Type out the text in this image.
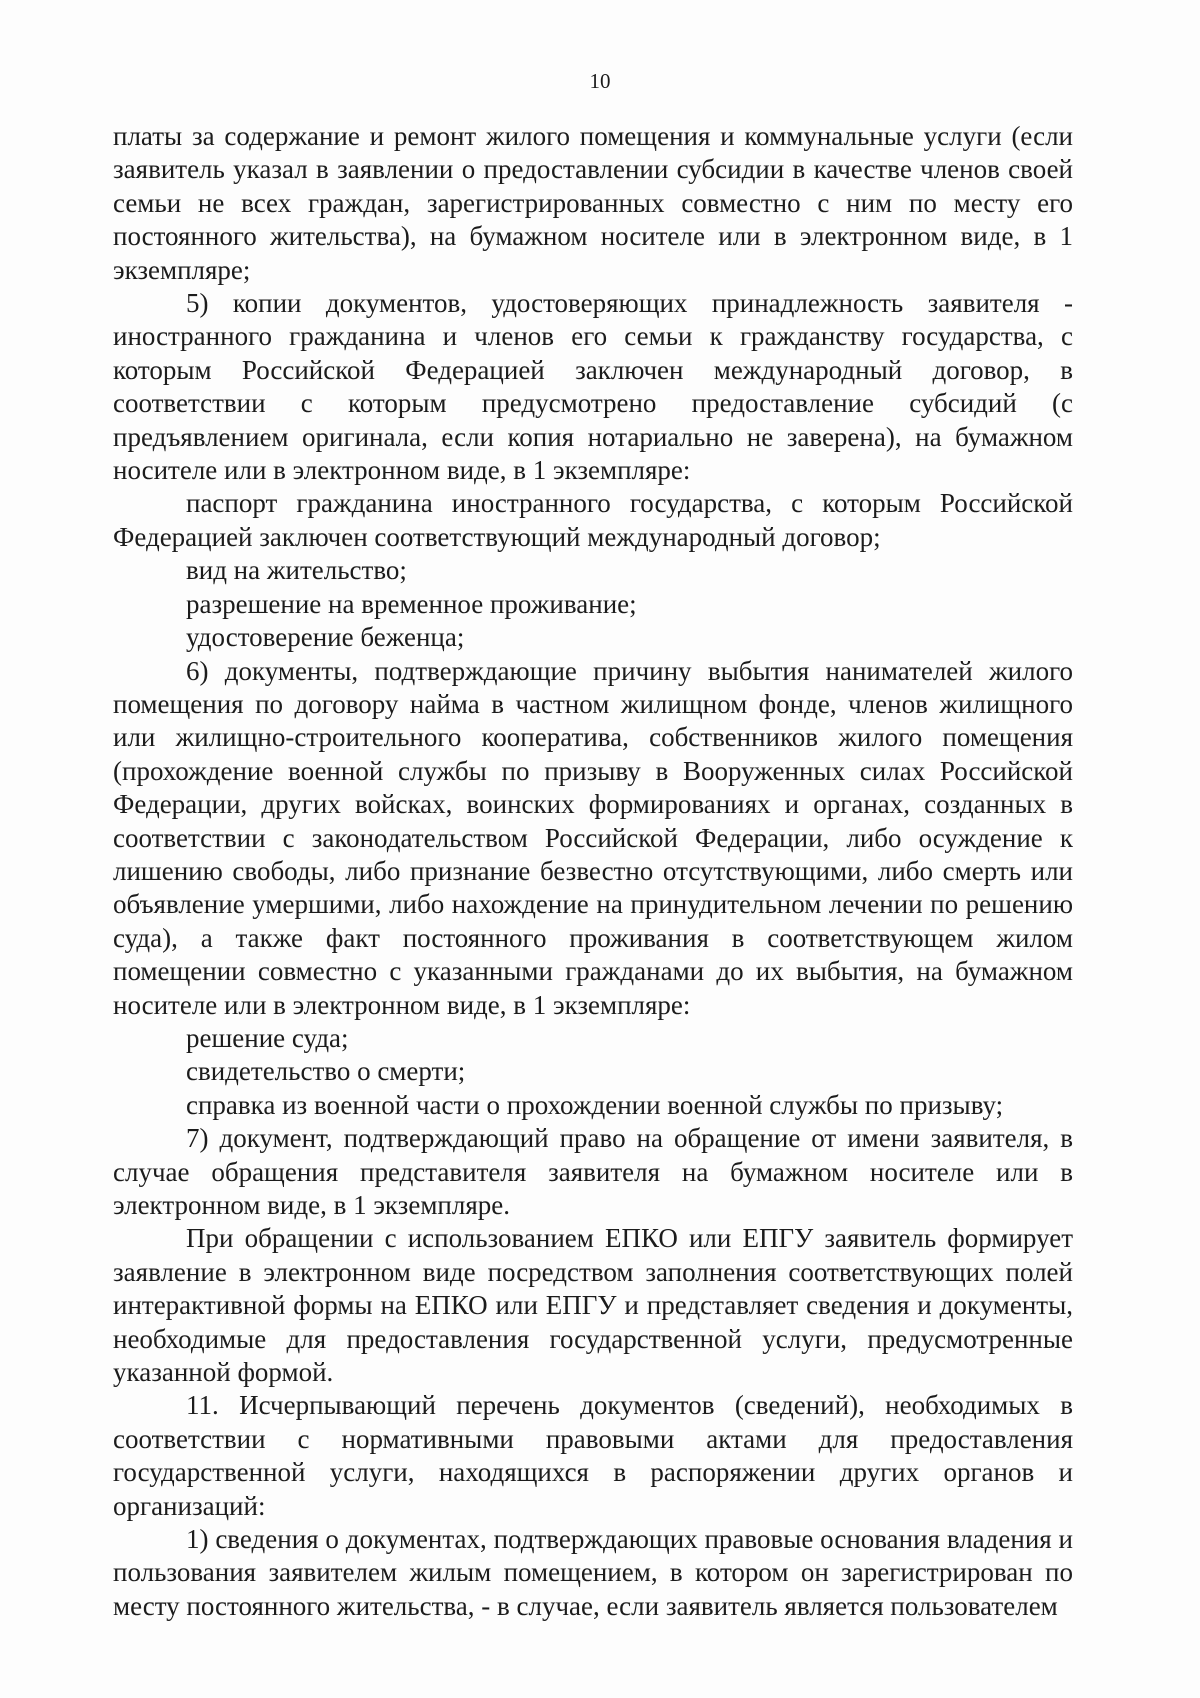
10

платы за содержание и ремонт жилого помещения и коммунальные услуги (если заявитель указал в заявлении о предоставлении субсидии в качестве членов своей семьи не всех граждан, зарегистрированных совместно с ним по месту его постоянного жительства), на бумажном носителе или в электронном виде, в 1 экземпляре;

5) копии документов, удостоверяющих принадлежность заявителя - иностранного гражданина и членов его семьи к гражданству государства, с которым Российской Федерацией заключен международный договор, в соответствии с которым предусмотрено предоставление субсидий (с предъявлением оригинала, если копия нотариально не заверена), на бумажном носителе или в электронном виде, в 1 экземпляре:

паспорт гражданина иностранного государства, с которым Российской Федерацией заключен соответствующий международный договор;

вид на жительство;

разрешение на временное проживание;

удостоверение беженца;

6) документы, подтверждающие причину выбытия нанимателей жилого помещения по договору найма в частном жилищном фонде, членов жилищного или жилищно-строительного кооператива, собственников жилого помещения (прохождение военной службы по призыву в Вооруженных силах Российской Федерации, других войсках, воинских формированиях и органах, созданных в соответствии с законодательством Российской Федерации, либо осуждение к лишению свободы, либо признание безвестно отсутствующими, либо смерть или объявление умершими, либо нахождение на принудительном лечении по решению суда), а также факт постоянного проживания в соответствующем жилом помещении совместно с указанными гражданами до их выбытия, на бумажном носителе или в электронном виде, в 1 экземпляре:

решение суда;

свидетельство о смерти;

справка из военной части о прохождении военной службы по призыву;

7) документ, подтверждающий право на обращение от имени заявителя, в случае обращения представителя заявителя на бумажном носителе или в электронном виде, в 1 экземпляре.

При обращении с использованием ЕПКО или ЕПГУ заявитель формирует заявление в электронном виде посредством заполнения соответствующих полей интерактивной формы на ЕПКО или ЕПГУ и представляет сведения и документы, необходимые для предоставления государственной услуги, предусмотренные указанной формой.

11. Исчерпывающий перечень документов (сведений), необходимых в соответствии с нормативными правовыми актами для предоставления государственной услуги, находящихся в распоряжении других органов и организаций:

1) сведения о документах, подтверждающих правовые основания владения и пользования заявителем жилым помещением, в котором он зарегистрирован по месту постоянного жительства, - в случае, если заявитель является пользователем
